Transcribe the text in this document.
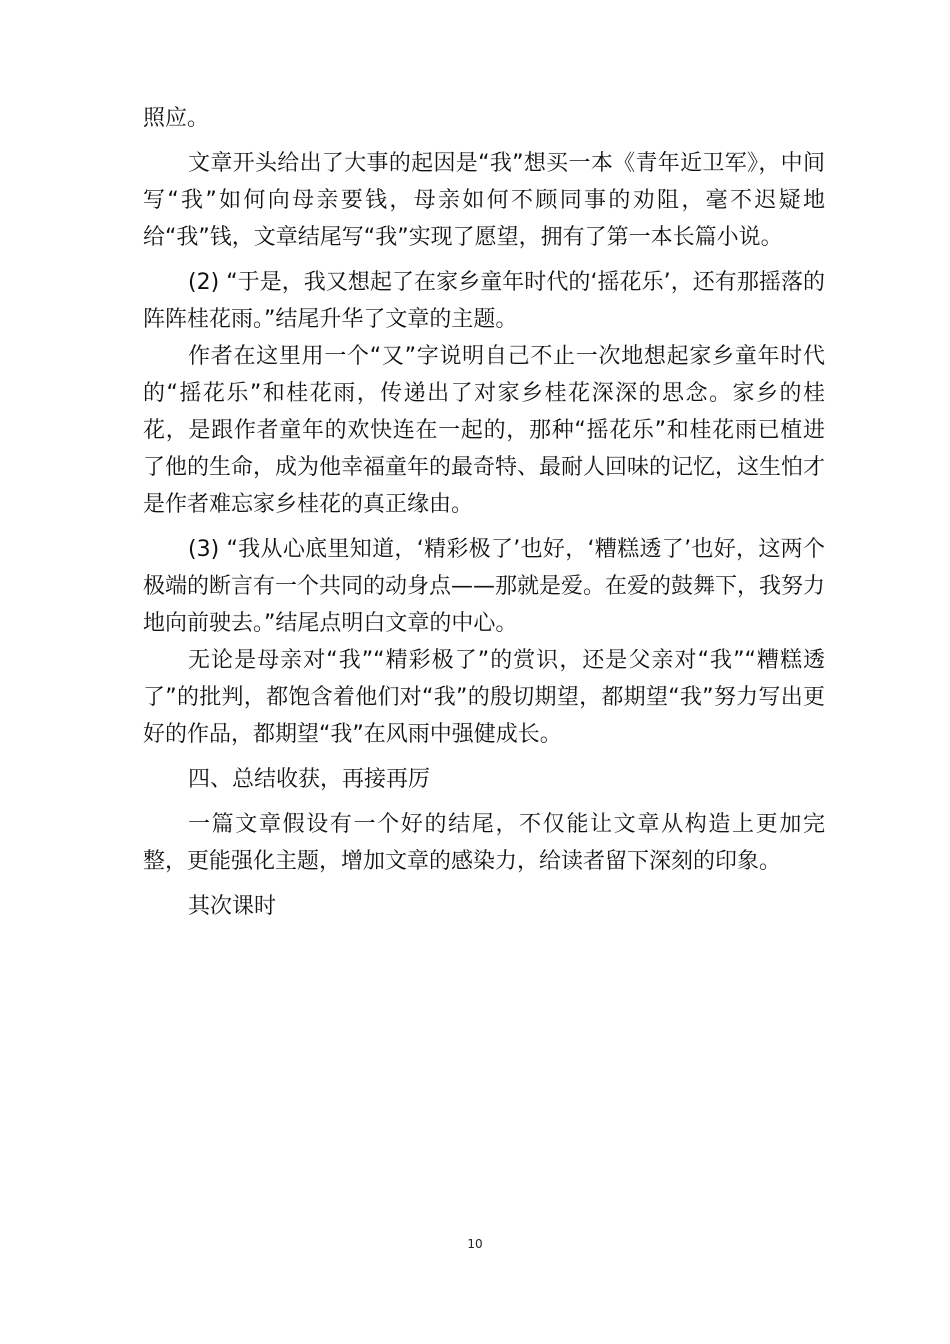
照应。

文章开头给出了大事的起因是“我”想买一本《青年近卫军》，中间写“我”如何向母亲要钱，母亲如何不顾同事的劝阻，毫不迟疑地给“我”钱，文章结尾写“我”实现了愿望，拥有了第一本长篇小说。

(2) “于是，我又想起了在家乡童年时代的‘摇花乐’，还有那摇落的阵阵桂花雨。”结尾升华了文章的主题。

作者在这里用一个“又”字说明自己不止一次地想起家乡童年时代的“摇花乐”和桂花雨，传递出了对家乡桂花深深的思念。家乡的桂花，是跟作者童年的欢快连在一起的，那种“摇花乐”和桂花雨已植进了他的生命，成为他幸福童年的最奇特、最耐人回味的记忆，这生怕才是作者难忘家乡桂花的真正缘由。

(3) “我从心底里知道，‘精彩极了’也好，‘糟糕透了’也好，这两个极端的断言有一个共同的动身点——那就是爱。在爱的鼓舞下，我努力地向前驶去。”结尾点明白文章的中心。

无论是母亲对“我”“精彩极了”的赏识，还是父亲对“我”“糟糕透了”的批判，都饱含着他们对“我”的殷切期望，都期望“我”努力写出更好的作品，都期望“我”在风雨中强健成长。

四、总结收获，再接再厉

一篇文章假设有一个好的结尾，不仅能让文章从构造上更加完整，更能强化主题，增加文章的感染力，给读者留下深刻的印象。

其次课时

10
